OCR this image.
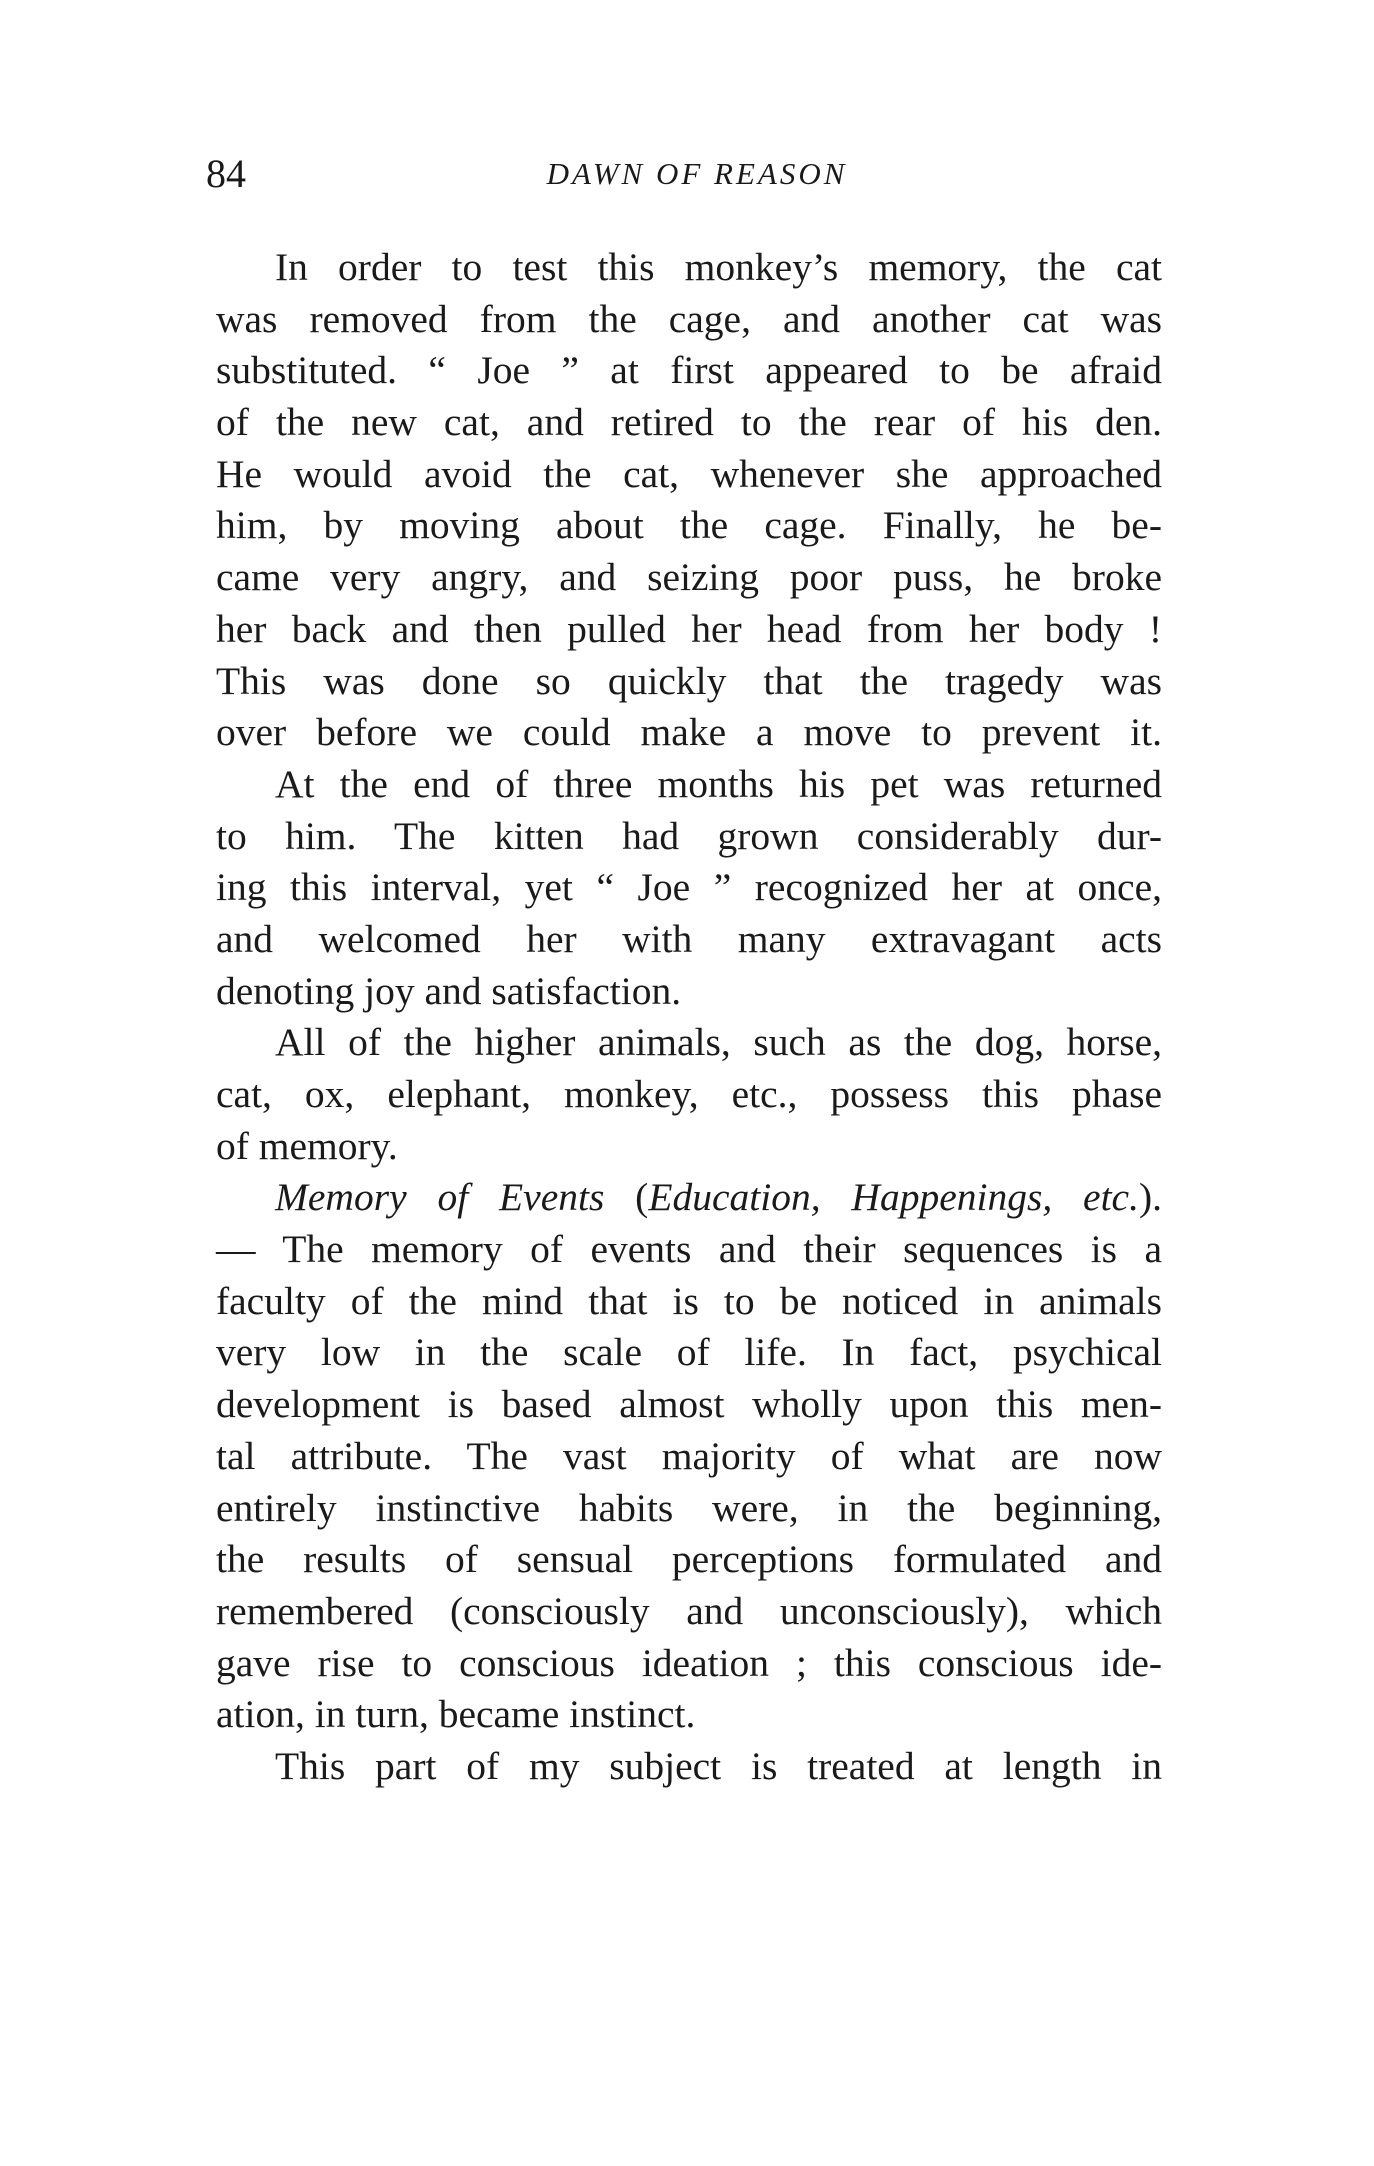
84	DAWN OF REASON
In order to test this monkey’s memory, the cat
was removed from the cage, and another cat was
substituted. “ Joe ” at first appeared to be afraid
of the new cat, and retired to the rear of his den.
He would avoid the cat, whenever she approached
him, by moving about the cage. Finally, he be-
came very angry, and seizing poor puss, he broke
her back and then pulled her head from her body !
This was done so quickly that the tragedy was
over before we could make a move to prevent it.
At the end of three months his pet was returned
to him. The kitten had grown considerably dur-
ing this interval, yet “ Joe ” recognized her at once,
and welcomed her with many extravagant acts
denoting joy and satisfaction.
All of the higher animals, such as the dog, horse,
cat, ox, elephant, monkey, etc., possess this phase
of memory.
Memory of Events (Education, Happenings, etc.).
— The memory of events and their sequences is a
faculty of the mind that is to be noticed in animals
very low in the scale of life. In fact, psychical
development is based almost wholly upon this men-
tal attribute. The vast majority of what are now
entirely instinctive habits were, in the beginning,
the results of sensual perceptions formulated and
remembered (consciously and unconsciously), which
gave rise to conscious ideation ; this conscious ide-
ation, in turn, became instinct.
This part of my subject is treated at length in
